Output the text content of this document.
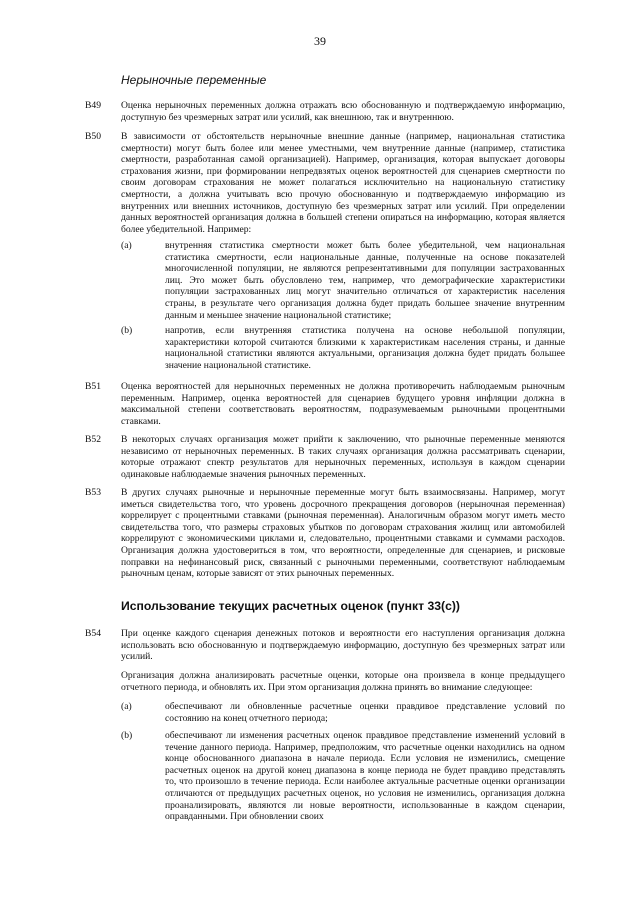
39
Нерыночные переменные
B49	Оценка нерыночных переменных должна отражать всю обоснованную и подтверждаемую информацию, доступную без чрезмерных затрат или усилий, как внешнюю, так и внутреннюю.
B50	В зависимости от обстоятельств нерыночные внешние данные (например, национальная статистика смертности) могут быть более или менее уместными, чем внутренние данные (например, статистика смертности, разработанная самой организацией). Например, организация, которая выпускает договоры страхования жизни, при формировании непредвзятых оценок вероятностей для сценариев смертности по своим договорам страхования не может полагаться исключительно на национальную статистику смертности, а должна учитывать всю прочую обоснованную и подтверждаемую информацию из внутренних или внешних источников, доступную без чрезмерных затрат или усилий. При определении данных вероятностей организация должна в большей степени опираться на информацию, которая является более убедительной. Например:
(a)	внутренняя статистика смертности может быть более убедительной, чем национальная статистика смертности, если национальные данные, полученные на основе показателей многочисленной популяции, не являются репрезентативными для популяции застрахованных лиц. Это может быть обусловлено тем, например, что демографические характеристики популяции застрахованных лиц могут значительно отличаться от характеристик населения страны, в результате чего организация должна будет придать большее значение внутренним данным и меньшее значение национальной статистике;
(b)	напротив, если внутренняя статистика получена на основе небольшой популяции, характеристики которой считаются близкими к характеристикам населения страны, и данные национальной статистики являются актуальными, организация должна будет придать большее значение национальной статистике.
B51	Оценка вероятностей для нерыночных переменных не должна противоречить наблюдаемым рыночным переменным. Например, оценка вероятностей для сценариев будущего уровня инфляции должна в максимальной степени соответствовать вероятностям, подразумеваемым рыночными процентными ставками.
B52	В некоторых случаях организация может прийти к заключению, что рыночные переменные меняются независимо от нерыночных переменных. В таких случаях организация должна рассматривать сценарии, которые отражают спектр результатов для нерыночных переменных, используя в каждом сценарии одинаковые наблюдаемые значения рыночных переменных.
B53	В других случаях рыночные и нерыночные переменные могут быть взаимосвязаны. Например, могут иметься свидетельства того, что уровень досрочного прекращения договоров (нерыночная переменная) коррелирует с процентными ставками (рыночная переменная). Аналогичным образом могут иметь место свидетельства того, что размеры страховых убытков по договорам страхования жилищ или автомобилей коррелируют с экономическими циклами и, следовательно, процентными ставками и суммами расходов. Организация должна удостовериться в том, что вероятности, определенные для сценариев, и рисковые поправки на нефинансовый риск, связанный с рыночными переменными, соответствуют наблюдаемым рыночным ценам, которые зависят от этих рыночных переменных.
Использование текущих расчетных оценок (пункт 33(c))
B54	При оценке каждого сценария денежных потоков и вероятности его наступления организация должна использовать всю обоснованную и подтверждаемую информацию, доступную без чрезмерных затрат или усилий.
Организация должна анализировать расчетные оценки, которые она произвела в конце предыдущего отчетного периода, и обновлять их. При этом организация должна принять во внимание следующее:
(a)	обеспечивают ли обновленные расчетные оценки правдивое представление условий по состоянию на конец отчетного периода;
(b)	обеспечивают ли изменения расчетных оценок правдивое представление изменений условий в течение данного периода. Например, предположим, что расчетные оценки находились на одном конце обоснованного диапазона в начале периода. Если условия не изменились, смещение расчетных оценок на другой конец диапазона в конце периода не будет правдиво представлять то, что произошло в течение периода. Если наиболее актуальные расчетные оценки организации отличаются от предыдущих расчетных оценок, но условия не изменились, организация должна проанализировать, являются ли новые вероятности, использованные в каждом сценарии, оправданными. При обновлении своих
